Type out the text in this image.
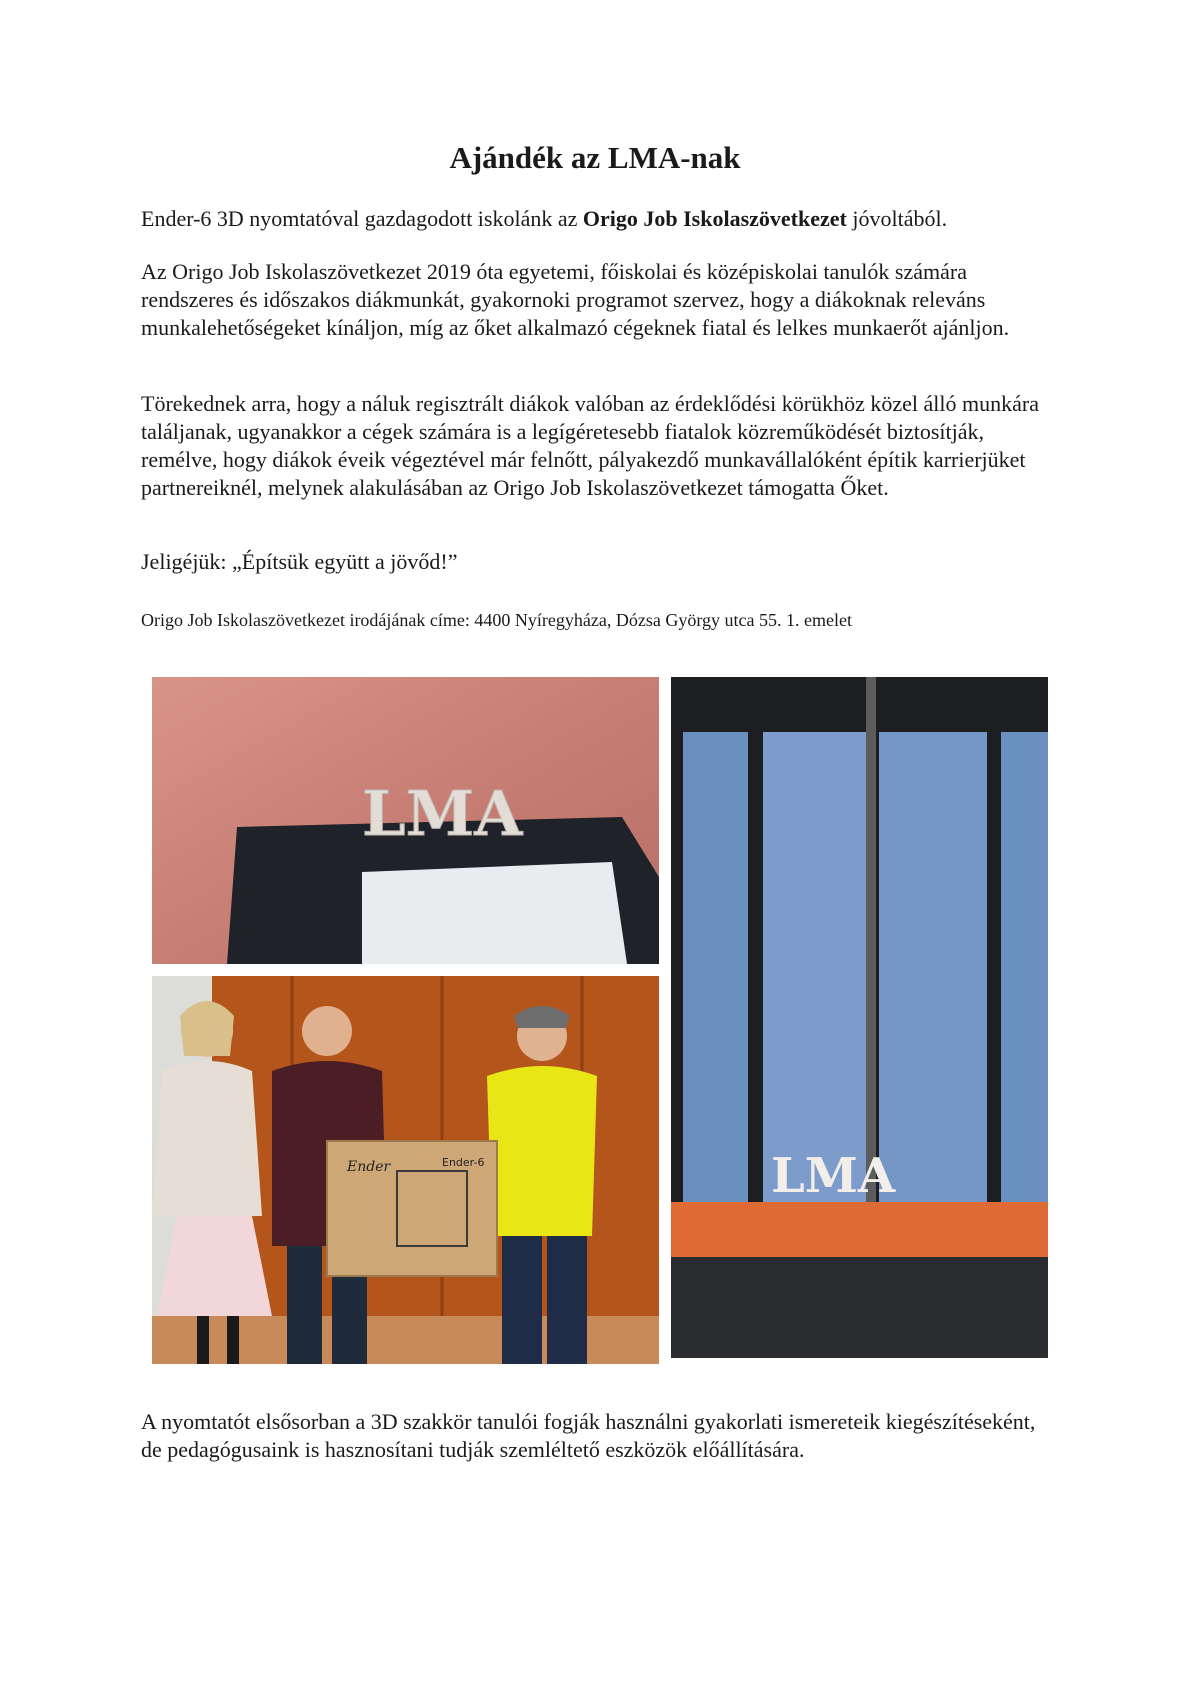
Ajándék az LMA-nak

Ender-6 3D nyomtatóval gazdagodott iskolánk az Origo Job Iskolaszövetkezet jóvoltából.

Az Origo Job Iskolaszövetkezet 2019 óta egyetemi, főiskolai és középiskolai tanulók számára rendszeres és időszakos diákmunkát, gyakornoki programot szervez, hogy a diákoknak releváns munkalehetőségeket kínáljon, míg az őket alkalmazó cégeknek fiatal és lelkes munkaerőt ajánljon.

Törekednek arra, hogy a náluk regisztrált diákok valóban az érdeklődési körükhöz közel álló munkára találjanak, ugyanakkor a cégek számára is a legígéretesebb fiatalok közreműködését biztosítják, remélve, hogy diákok éveik végeztével már felnőtt, pályakezdő munkavállalóként építik karrierjüket partnereiknél, melynek alakulásában az Origo Job Iskolaszövetkezet támogatta Őket.

Jeligéjük: „Építsük együtt a jövőd!”

Origo Job Iskolaszövetkezet irodájának címe: 4400 Nyíregyháza, Dózsa György utca 55. 1. emelet

LMA
Ender	Ender-6	LMA

A nyomtatót elsősorban a 3D szakkör tanulói fogják használni gyakorlati ismereteik kiegészítéseként, de pedagógusaink is hasznosítani tudják szemléltető eszközök előállítására.
